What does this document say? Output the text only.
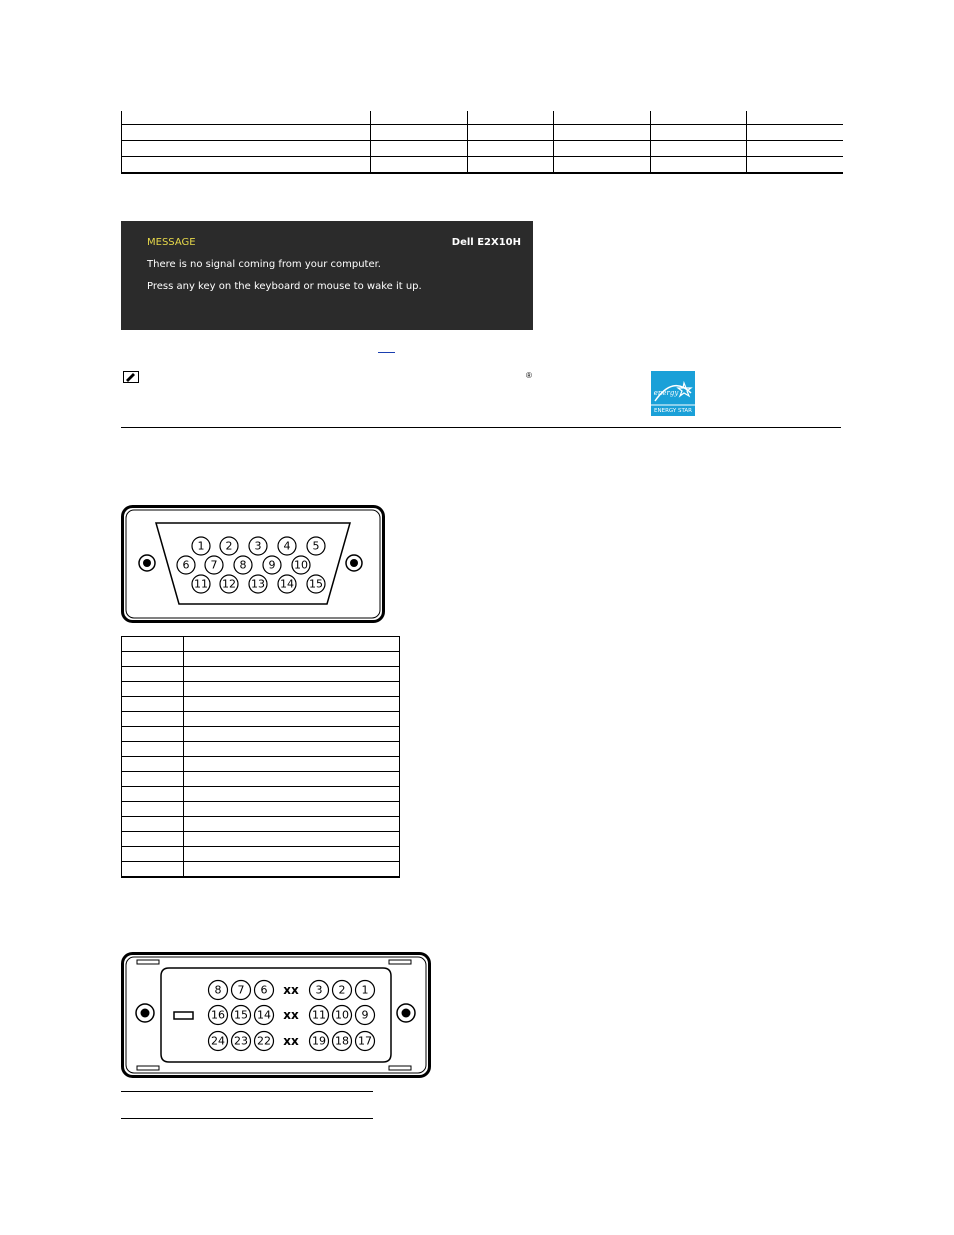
MESSAGE	Dell E2X10H
There is no signal coming from your computer.
Press any key on the keyboard or mouse to wake it up.
®
energy
ENERGY STAR
1 2 3 4 5
6 7 8 9 10
11 12 13 14 15

8 7 6 xx 3 2 1
16 15 14 xx 11 10 9
24 23 22 xx 19 18 17
